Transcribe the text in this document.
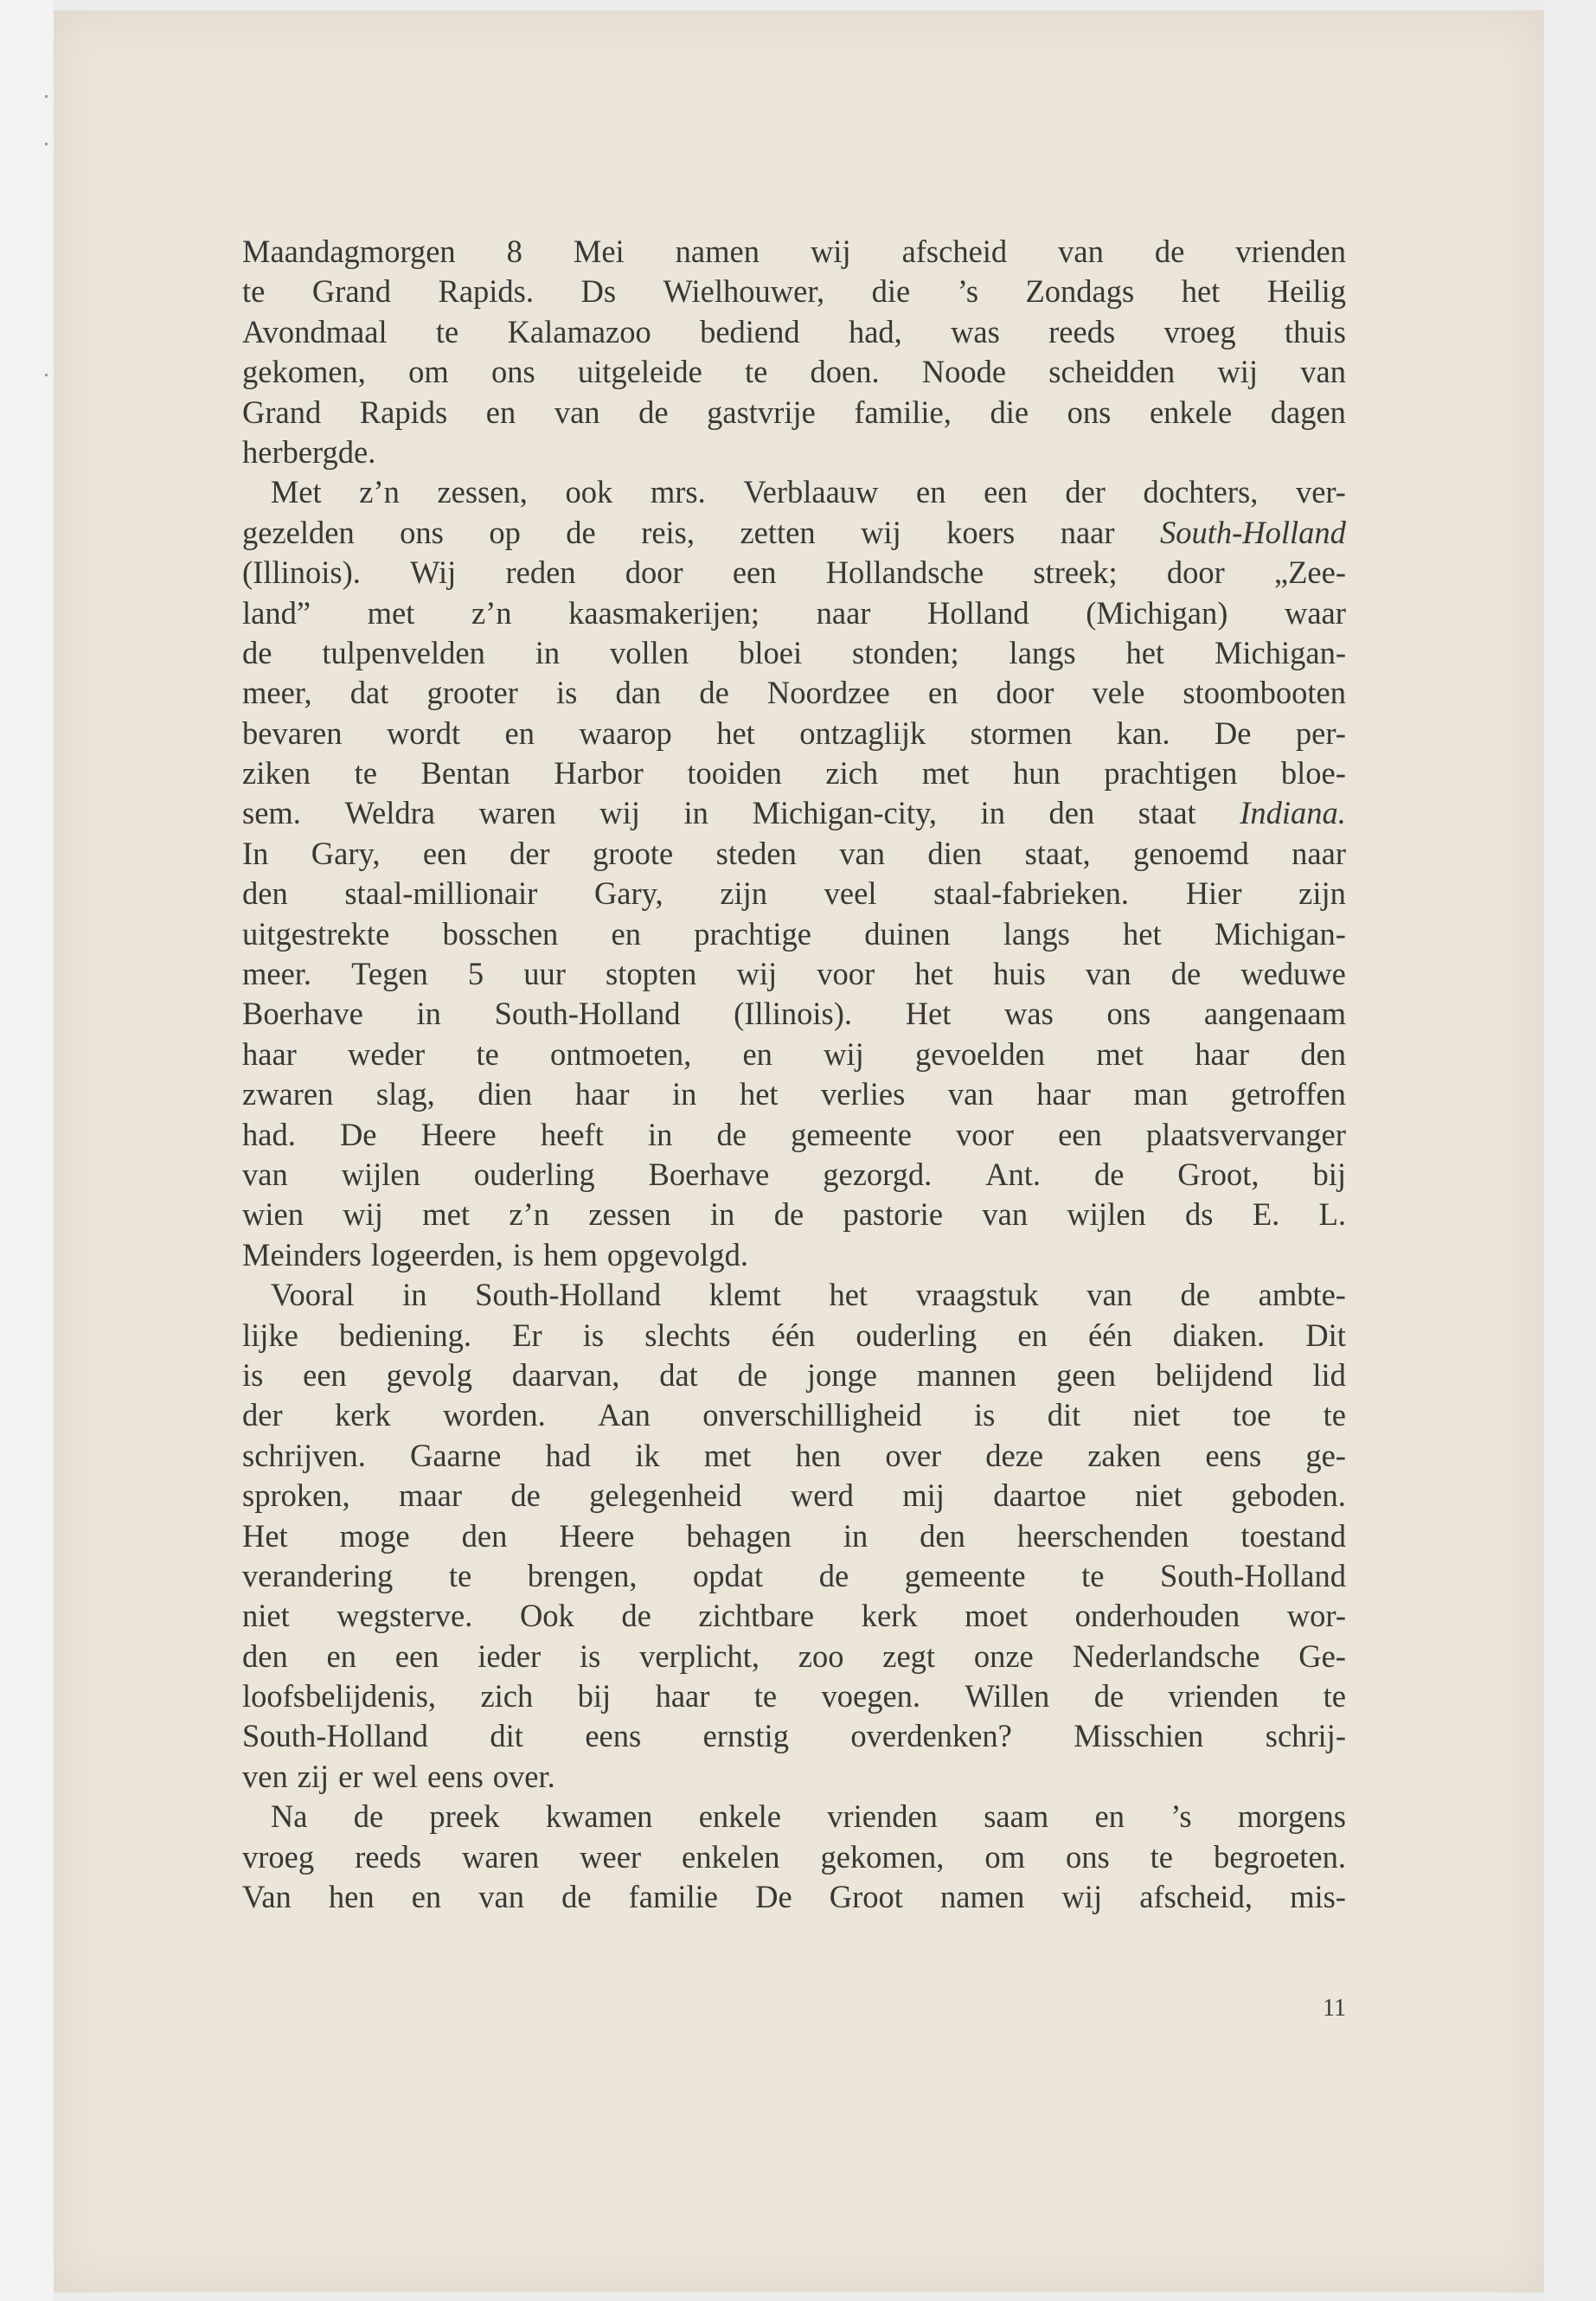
Maandagmorgen 8 Mei namen wij afscheid van de vrienden
te Grand Rapids. Ds Wielhouwer, die ’s Zondags het Heilig
Avondmaal te Kalamazoo bediend had, was reeds vroeg thuis
gekomen, om ons uitgeleide te doen. Noode scheidden wij van
Grand Rapids en van de gastvrije familie, die ons enkele dagen
herbergde.
Met z’n zessen, ook mrs. Verblaauw en een der dochters, ver-
gezelden ons op de reis, zetten wij koers naar South-Holland
(Illinois). Wij reden door een Hollandsche streek; door „Zee-
land” met z’n kaasmakerijen; naar Holland (Michigan) waar
de tulpenvelden in vollen bloei stonden; langs het Michigan-
meer, dat grooter is dan de Noordzee en door vele stoombooten
bevaren wordt en waarop het ontzaglijk stormen kan. De per-
ziken te Bentan Harbor tooiden zich met hun prachtigen bloe-
sem. Weldra waren wij in Michigan-city, in den staat Indiana.
In Gary, een der groote steden van dien staat, genoemd naar
den staal-millionair Gary, zijn veel staal-fabrieken. Hier zijn
uitgestrekte bosschen en prachtige duinen langs het Michigan-
meer. Tegen 5 uur stopten wij voor het huis van de weduwe
Boerhave in South-Holland (Illinois). Het was ons aangenaam
haar weder te ontmoeten, en wij gevoelden met haar den
zwaren slag, dien haar in het verlies van haar man getroffen
had. De Heere heeft in de gemeente voor een plaatsvervanger
van wijlen ouderling Boerhave gezorgd. Ant. de Groot, bij
wien wij met z’n zessen in de pastorie van wijlen ds E. L.
Meinders logeerden, is hem opgevolgd.
Vooral in South-Holland klemt het vraagstuk van de ambte-
lijke bediening. Er is slechts één ouderling en één diaken. Dit
is een gevolg daarvan, dat de jonge mannen geen belijdend lid
der kerk worden. Aan onverschilligheid is dit niet toe te
schrijven. Gaarne had ik met hen over deze zaken eens ge-
sproken, maar de gelegenheid werd mij daartoe niet geboden.
Het moge den Heere behagen in den heerschenden toestand
verandering te brengen, opdat de gemeente te South-Holland
niet wegsterve. Ook de zichtbare kerk moet onderhouden wor-
den en een ieder is verplicht, zoo zegt onze Nederlandsche Ge-
loofsbelijdenis, zich bij haar te voegen. Willen de vrienden te
South-Holland dit eens ernstig overdenken? Misschien schrij-
ven zij er wel eens over.
Na de preek kwamen enkele vrienden saam en ’s morgens
vroeg reeds waren weer enkelen gekomen, om ons te begroeten.
Van hen en van de familie De Groot namen wij afscheid, mis-
11
